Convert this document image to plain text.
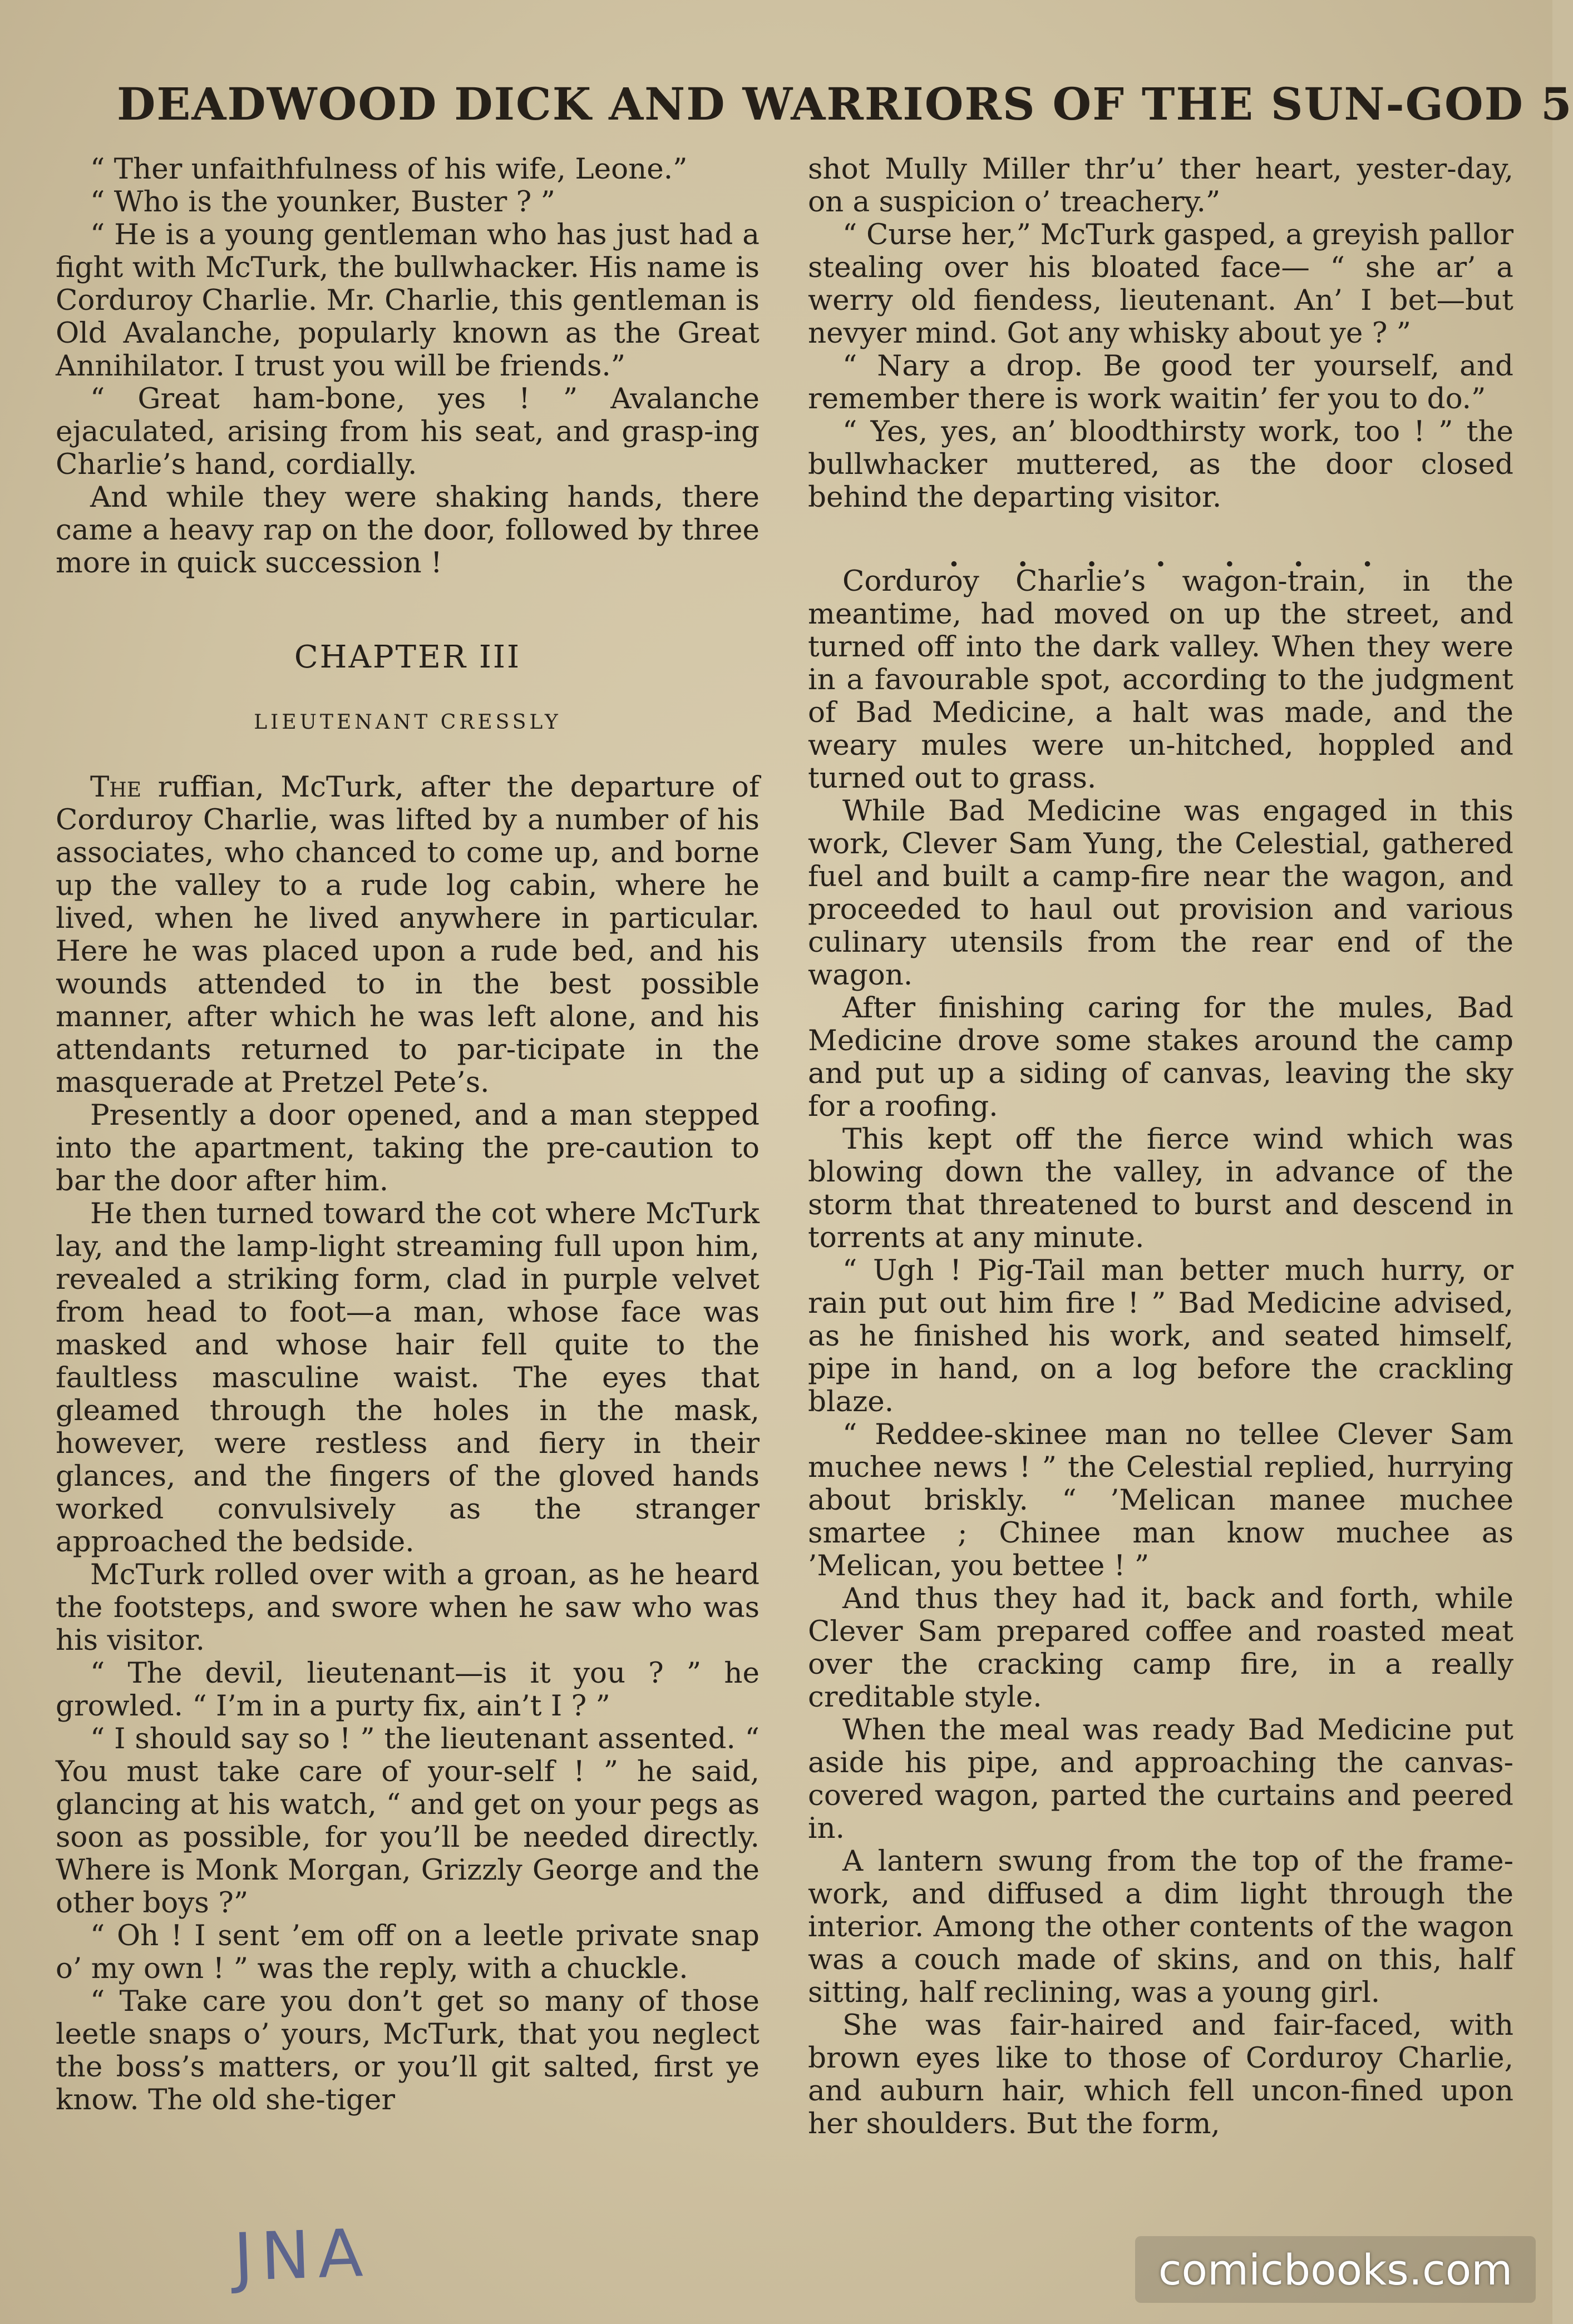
DEADWOOD DICK AND WARRIORS OF THE SUN-GOD 5

“ Ther unfaithfulness of his wife, Leone.”

“ Who is the younker, Buster ? ”

“ He is a young gentleman who has just had a fight with McTurk, the bullwhacker. His name is Corduroy Charlie. Mr. Charlie, this gentleman is Old Avalanche, popularly known as the Great Annihilator. I trust you will be friends.”

“ Great ham-bone, yes ! ” Avalanche ejaculated, arising from his seat, and grasp-ing Charlie’s hand, cordially.

And while they were shaking hands, there came a heavy rap on the door, followed by three more in quick succession !

CHAPTER III
LIEUTENANT CRESSLY

The ruffian, McTurk, after the departure of Corduroy Charlie, was lifted by a number of his associates, who chanced to come up, and borne up the valley to a rude log cabin, where he lived, when he lived anywhere in particular. Here he was placed upon a rude bed, and his wounds attended to in the best possible manner, after which he was left alone, and his attendants returned to par-ticipate in the masquerade at Pretzel Pete’s.

Presently a door opened, and a man stepped into the apartment, taking the pre-caution to bar the door after him.

He then turned toward the cot where McTurk lay, and the lamp-light streaming full upon him, revealed a striking form, clad in purple velvet from head to foot—a man, whose face was masked and whose hair fell quite to the faultless masculine waist. The eyes that gleamed through the holes in the mask, however, were restless and fiery in their glances, and the fingers of the gloved hands worked convulsively as the stranger approached the bedside.

McTurk rolled over with a groan, as he heard the footsteps, and swore when he saw who was his visitor.

“ The devil, lieutenant—is it you ? ” he growled. “ I’m in a purty fix, ain’t I ? ”

“ I should say so ! ” the lieutenant assented. “ You must take care of your-self ! ” he said, glancing at his watch, “ and get on your pegs as soon as possible, for you’ll be needed directly. Where is Monk Morgan, Grizzly George and the other boys ?”

“ Oh ! I sent ’em off on a leetle private snap o’ my own ! ” was the reply, with a chuckle.

“ Take care you don’t get so many of those leetle snaps o’ yours, McTurk, that you neglect the boss’s matters, or you’ll git salted, first ye know. The old she-tiger

shot Mully Miller thr’u’ ther heart, yester-day, on a suspicion o’ treachery.”

“ Curse her,” McTurk gasped, a greyish pallor stealing over his bloated face— “ she ar’ a werry old fiendess, lieutenant. An’ I bet—but nevyer mind. Got any whisky about ye ? ”

“ Nary a drop. Be good ter yourself, and remember there is work waitin’ fer you to do.”

“ Yes, yes, an’ bloodthirsty work, too ! ” the bullwhacker muttered, as the door closed behind the departing visitor.

. . . . . . .

Corduroy Charlie’s wagon-train, in the meantime, had moved on up the street, and turned off into the dark valley. When they were in a favourable spot, according to the judgment of Bad Medicine, a halt was made, and the weary mules were un-hitched, hoppled and turned out to grass.

While Bad Medicine was engaged in this work, Clever Sam Yung, the Celestial, gathered fuel and built a camp-fire near the wagon, and proceeded to haul out provision and various culinary utensils from the rear end of the wagon.

After finishing caring for the mules, Bad Medicine drove some stakes around the camp and put up a siding of canvas, leaving the sky for a roofing.

This kept off the fierce wind which was blowing down the valley, in advance of the storm that threatened to burst and descend in torrents at any minute.

“ Ugh ! Pig-Tail man better much hurry, or rain put out him fire ! ” Bad Medicine advised, as he finished his work, and seated himself, pipe in hand, on a log before the crackling blaze.

“ Reddee-skinee man no tellee Clever Sam muchee news ! ” the Celestial replied, hurrying about briskly. “ ’Melican manee muchee smartee ; Chinee man know muchee as ’Melican, you bettee ! ”

And thus they had it, back and forth, while Clever Sam prepared coffee and roasted meat over the cracking camp fire, in a really creditable style.

When the meal was ready Bad Medicine put aside his pipe, and approaching the canvas-covered wagon, parted the curtains and peered in.

A lantern swung from the top of the frame-work, and diffused a dim light through the interior. Among the other contents of the wagon was a couch made of skins, and on this, half sitting, half reclining, was a young girl.

She was fair-haired and fair-faced, with brown eyes like to those of Corduroy Charlie, and auburn hair, which fell uncon-fined upon her shoulders. But the form,

JNA	comicbooks.com
